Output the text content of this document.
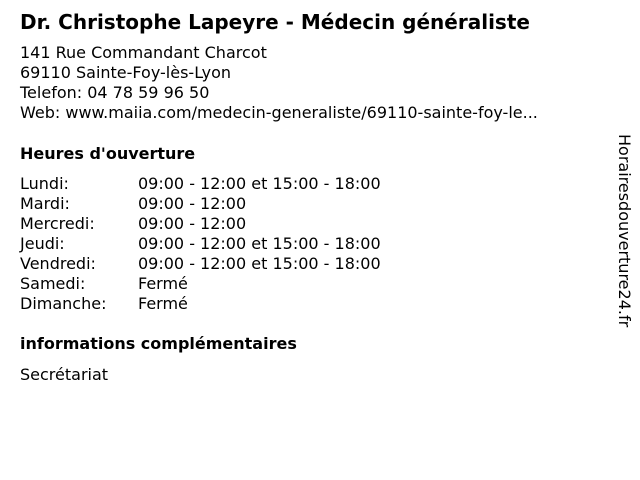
Dr. Christophe Lapeyre - Médecin généraliste
141 Rue Commandant Charcot
69110 Sainte-Foy-lès-Lyon
Telefon: 04 78 59 96 50
Web: www.maiia.com/medecin-generaliste/69110-sainte-foy-le...
Heures d'ouverture
Lundi:	09:00 - 12:00 et 15:00 - 18:00
Mardi:	09:00 - 12:00
Mercredi:	09:00 - 12:00
Jeudi:	09:00 - 12:00 et 15:00 - 18:00
Vendredi:	09:00 - 12:00 et 15:00 - 18:00
Samedi:	Fermé
Dimanche:	Fermé
informations complémentaires
Secrétariat
Horairesdouverture24.fr
